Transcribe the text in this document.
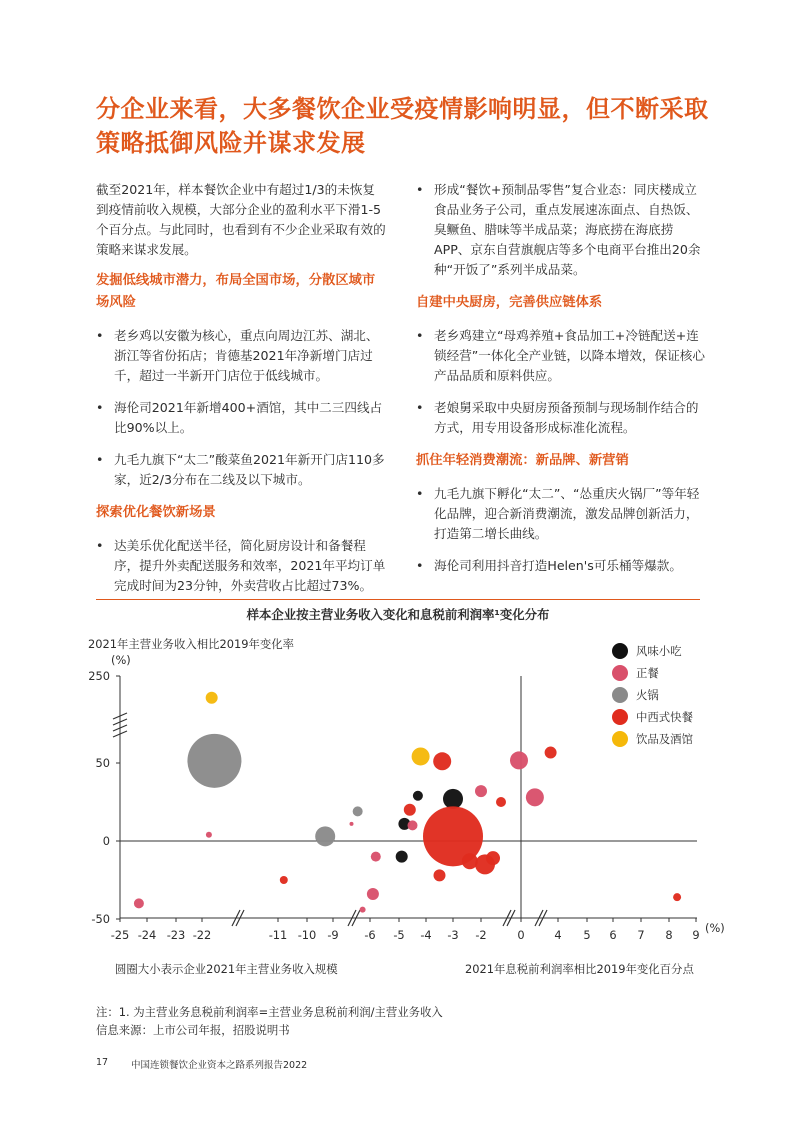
分企业来看，大多餐饮企业受疫情影响明显，但不断采取策略抵御风险并谋求发展

截至2021年，样本餐饮企业中有超过1/3的未恢复到疫情前收入规模，大部分企业的盈利水平下滑1-5个百分点。与此同时，也看到有不少企业采取有效的策略来谋求发展。

发掘低线城市潜力，布局全国市场，分散区域市场风险
• 老乡鸡以安徽为核心，重点向周边江苏、湖北、浙江等省份拓店；肯德基2021年净新增门店过千，超过一半新开门店位于低线城市。
• 海伦司2021年新增400+酒馆，其中二三四线占比90%以上。
• 九毛九旗下“太二”酸菜鱼2021年新开门店110多家，近2/3分布在二线及以下城市。
探索优化餐饮新场景
• 达美乐优化配送半径，简化厨房设计和备餐程序，提升外卖配送服务和效率，2021年平均订单完成时间为23分钟，外卖营收占比超过73%。
• 形成“餐饮+预制品零售”复合业态：同庆楼成立食品业务子公司，重点发展速冻面点、自热饭、臭鳜鱼、腊味等半成品菜；海底捞在海底捞APP、京东自营旗舰店等多个电商平台推出20余种“开饭了”系列半成品菜。
自建中央厨房，完善供应链体系
• 老乡鸡建立“母鸡养殖+食品加工+冷链配送+连锁经营”一体化全产业链，以降本增效，保证核心产品品质和原料供应。
• 老娘舅采取中央厨房预备预制与现场制作结合的方式，用专用设备形成标准化流程。
抓住年轻消费潮流：新品牌、新营销
• 九毛九旗下孵化“太二”、“怂重庆火锅厂”等年轻化品牌，迎合新消费潮流，激发品牌创新活力，打造第二增长曲线。
• 海伦司利用抖音打造Helen's可乐桶等爆款。
样本企业按主营业务收入变化和息税前利润率¹变化分布
2021年主营业务收入相比2019年变化率
(%)
250
50
0
-50
-25 -24 -23 -22	-11 -10 -9 -6 -5 -4 -3 -2	0	4 5 6 7 8 9
风味小吃
正餐
火锅
中西式快餐
饮品及酒馆
(%)
圆圈大小表示企业2021年主营业务收入规模	2021年息税前利润率相比2019年变化百分点
注：1. 为主营业务息税前利润率=主营业务息税前利润/主营业务收入
信息来源：上市公司年报，招股说明书
17 中国连锁餐饮企业资本之路系列报告2022
